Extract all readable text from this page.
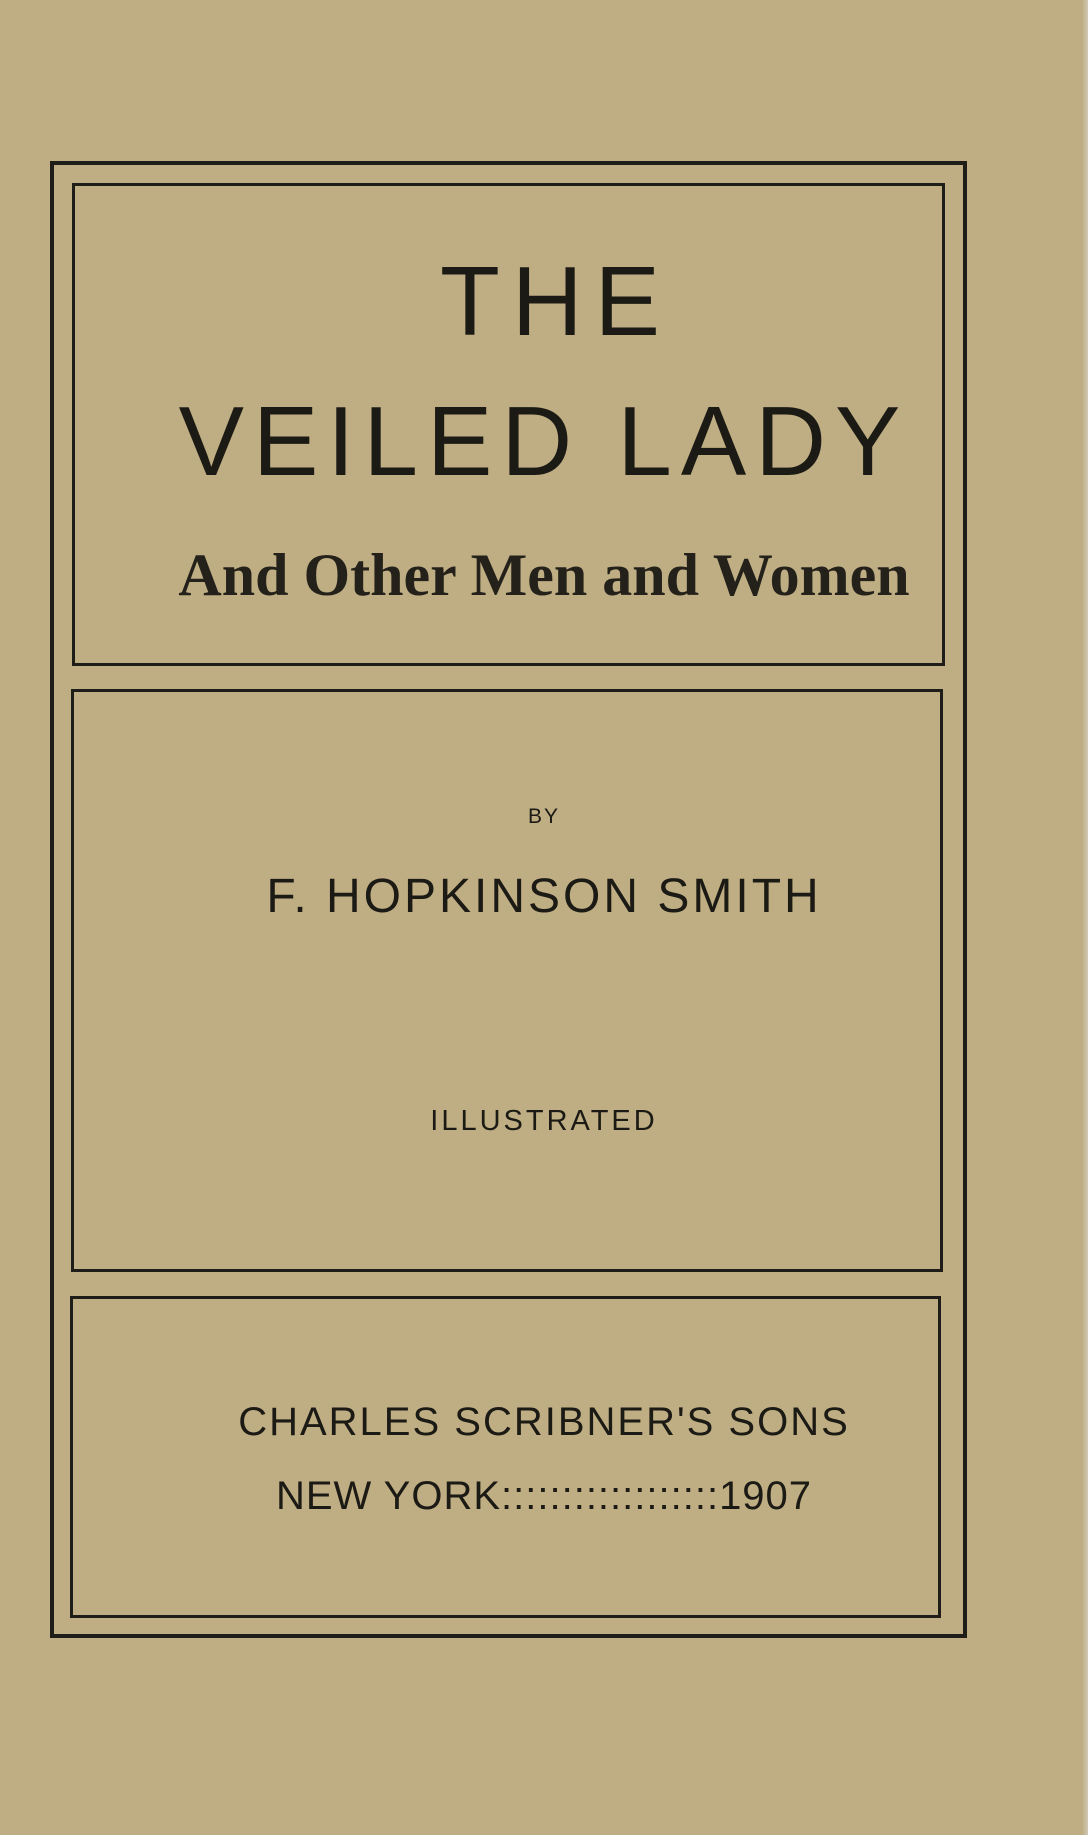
THE
VEILED LADY
And Other Men and Women
BY
F. HOPKINSON SMITH
ILLUSTRATED
CHARLES SCRIBNER'S SONS
NEW YORK::::::::::::::::::1907
